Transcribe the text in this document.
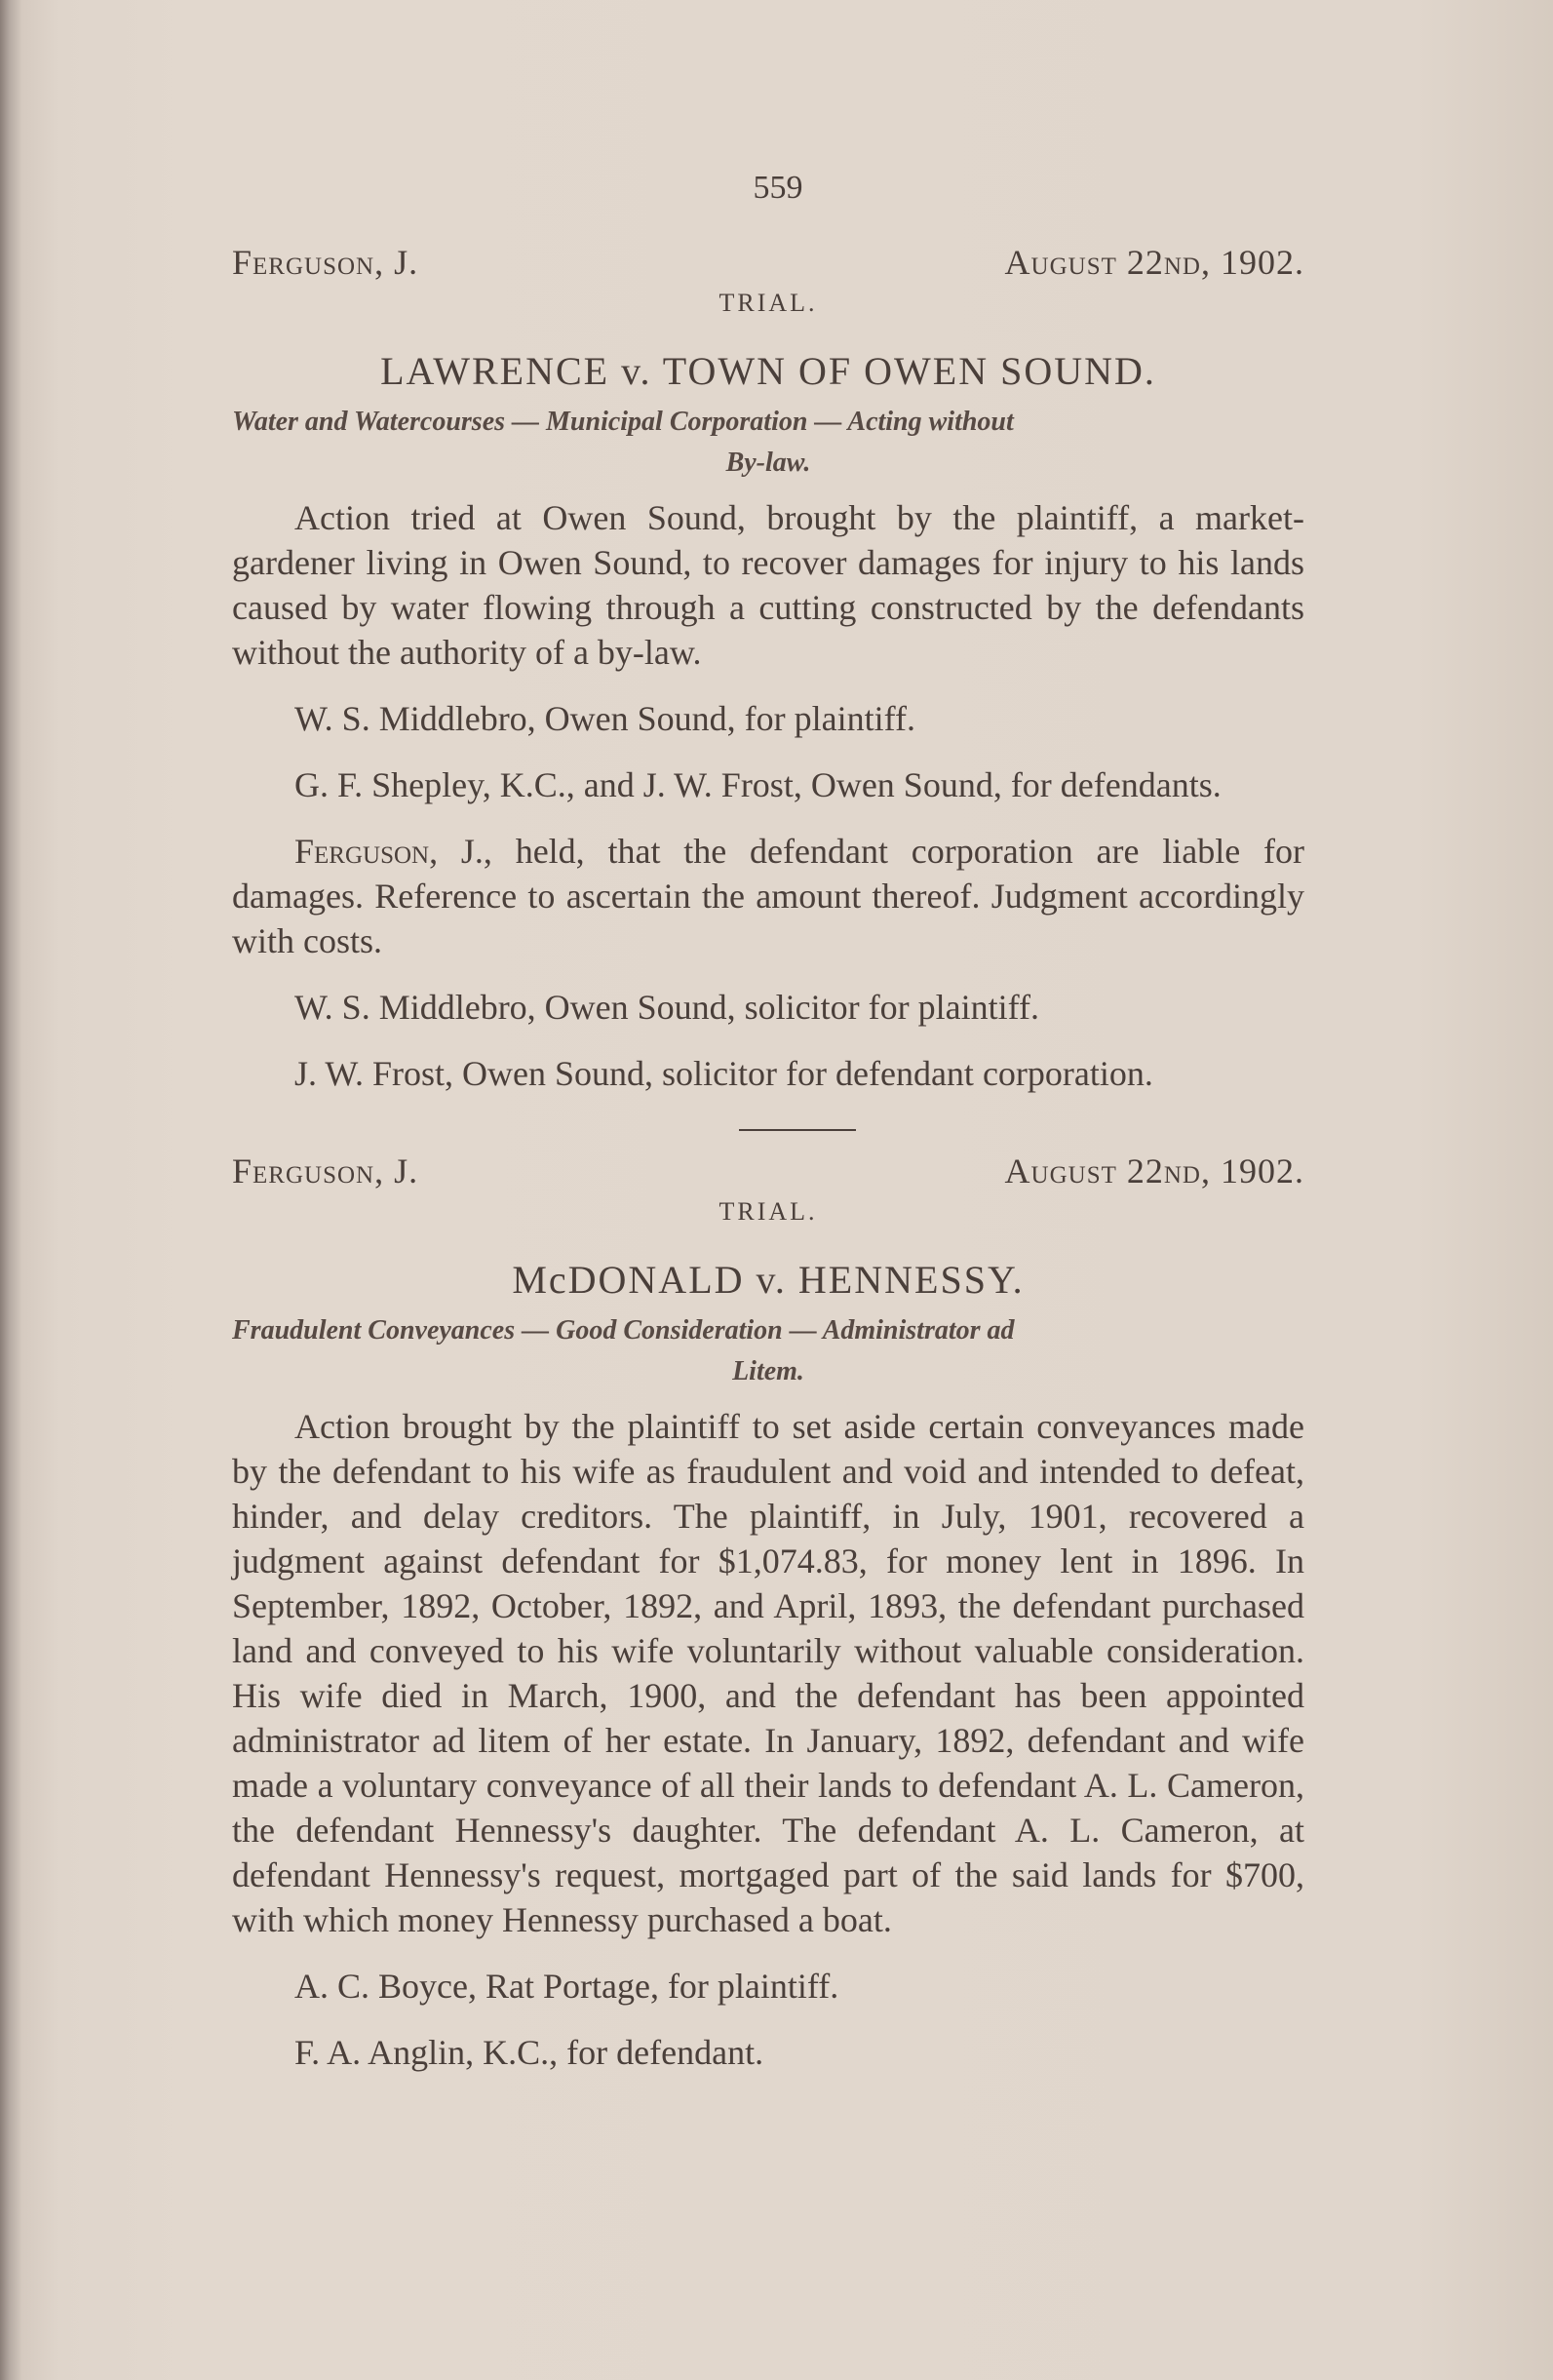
559
Ferguson, J.	August 22nd, 1902.
TRIAL.
LAWRENCE v. TOWN OF OWEN SOUND.
Water and Watercourses — Municipal Corporation — Acting without
By-law.

Action tried at Owen Sound, brought by the plaintiff, a market-gardener living in Owen Sound, to recover damages for injury to his lands caused by water flowing through a cutting constructed by the defendants without the authority of a by-law.

W. S. Middlebro, Owen Sound, for plaintiff.

G. F. Shepley, K.C., and J. W. Frost, Owen Sound, for defendants.

Ferguson, J., held, that the defendant corporation are liable for damages. Reference to ascertain the amount thereof. Judgment accordingly with costs.

W. S. Middlebro, Owen Sound, solicitor for plaintiff.

J. W. Frost, Owen Sound, solicitor for defendant corporation.

Ferguson, J.	August 22nd, 1902.
TRIAL.
McDONALD v. HENNESSY.
Fraudulent Conveyances — Good Consideration — Administrator ad
Litem.

Action brought by the plaintiff to set aside certain conveyances made by the defendant to his wife as fraudulent and void and intended to defeat, hinder, and delay creditors. The plaintiff, in July, 1901, recovered a judgment against defendant for $1,074.83, for money lent in 1896. In September, 1892, October, 1892, and April, 1893, the defendant purchased land and conveyed to his wife voluntarily without valuable consideration. His wife died in March, 1900, and the defendant has been appointed administrator ad litem of her estate. In January, 1892, defendant and wife made a voluntary conveyance of all their lands to defendant A. L. Cameron, the defendant Hennessy's daughter. The defendant A. L. Cameron, at defendant Hennessy's request, mortgaged part of the said lands for $700, with which money Hennessy purchased a boat.

A. C. Boyce, Rat Portage, for plaintiff.

F. A. Anglin, K.C., for defendant.
